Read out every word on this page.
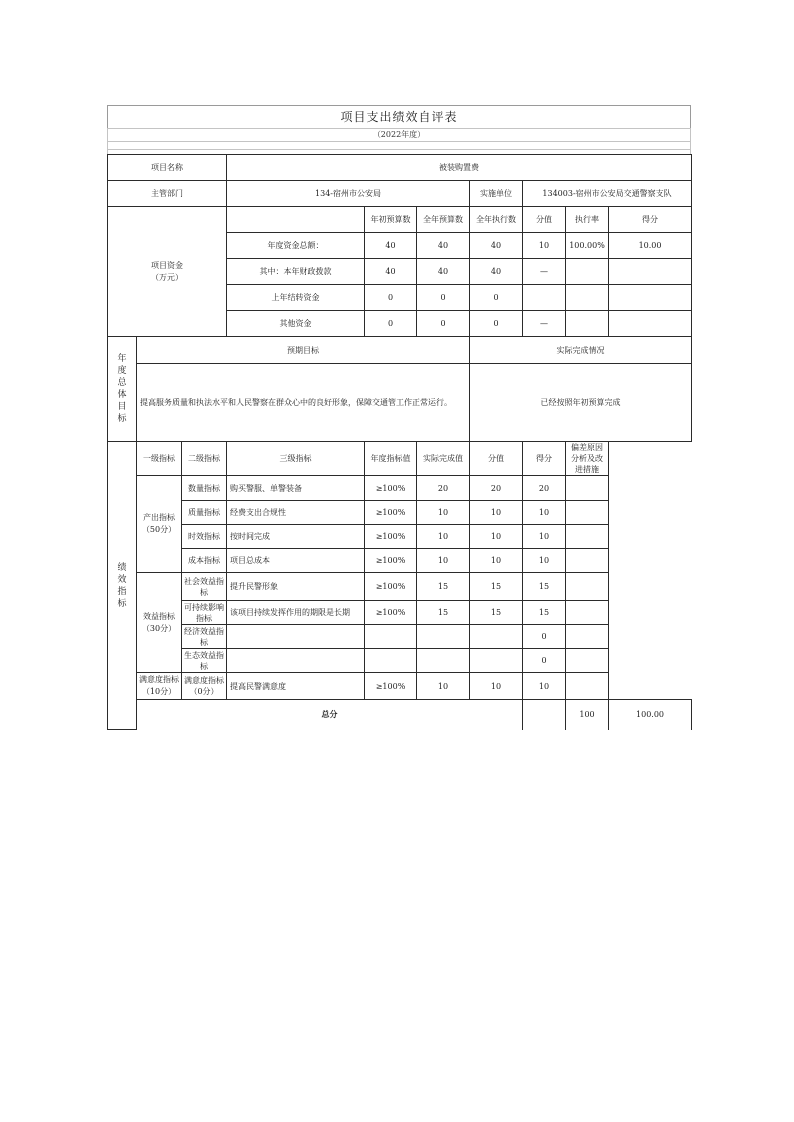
项目支出绩效自评表
（2022年度）
项目名称			被装购置费							
主管部门			134-宿州市公安局			实施单位	134003-宿州市公安局交通警察支队			
项目资金（万元）				年初预算数	全年预算数	全年执行数	分值	执行率	得分	
			年度资金总额：	40	40	40	10	100.00%	10.00	
			其中：本年财政拨款	40	40	40	—			
			上年结转资金	0	0	0				
			其他资金	0	0	0	—			
年度总体目标	预期目标					实际完成情况				
	提高服务质量和执法水平和人民警察在群众心中的良好形象，保障交通管工作正常运行。					已经按照年初预算完成				
绩效指标	一级指标	二级指标	三级指标	年度指标值	实际完成值	分值	得分	偏差原因分析及改进措施		
	产出指标（50分）	数量指标	购买警服、单警装备	≥100%	20	20	20			
		质量指标	经费支出合规性	≥100%	10	10	10			
		时效指标	按时间完成	≥100%	10	10	10			
		成本指标	项目总成本	≥100%	10	10	10			
	效益指标（30分）	社会效益指标	提升民警形象	≥100%	15	15	15			
		可持续影响指标	该项目持续发挥作用的期限是长期	≥100%	15	15	15			
		经济效益指标					0			
		生态效益指标					0			
	满意度指标（10分）	满意度指标（0分）	提高民警满意度	≥100%	10	10	10			
	总分							100	100.00	
